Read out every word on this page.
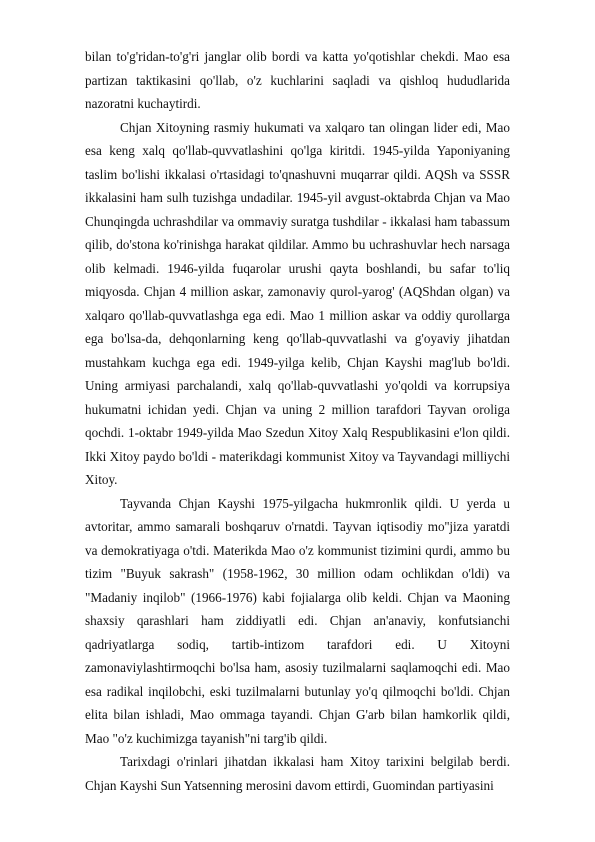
bilan to'g'ridan-to'g'ri janglar olib bordi va katta yo'qotishlar chekdi. Mao esa partizan taktikasini qo'llab, o'z kuchlarini saqladi va qishloq hududlarida nazoratni kuchaytirdi.

Chjan Xitoyning rasmiy hukumati va xalqaro tan olingan lider edi, Mao esa keng xalq qo'llab-quvvatlashini qo'lga kiritdi. 1945-yilda Yaponiyaning taslim bo'lishi ikkalasi o'rtasidagi to'qnashuvni muqarrar qildi. AQSh va SSSR ikkalasini ham sulh tuzishga undadilar. 1945-yil avgust-oktabrda Chjan va Mao Chunqingda uchrashdilar va ommaviy suratga tushdilar - ikkalasi ham tabassum qilib, do'stona ko'rinishga harakat qildilar. Ammo bu uchrashuvlar hech narsaga olib kelmadi. 1946-yilda fuqarolar urushi qayta boshlandi, bu safar to'liq miqyosda. Chjan 4 million askar, zamonaviy qurol-yarog' (AQShdan olgan) va xalqaro qo'llab-quvvatlashga ega edi. Mao 1 million askar va oddiy qurollarga ega bo'lsa-da, dehqonlarning keng qo'llab-quvvatlashi va g'oyaviy jihatdan mustahkam kuchga ega edi. 1949-yilga kelib, Chjan Kayshi mag'lub bo'ldi. Uning armiyasi parchalandi, xalq qo'llab-quvvatlashi yo'qoldi va korrupsiya hukumatni ichidan yedi. Chjan va uning 2 million tarafdori Tayvan oroliga qochdi. 1-oktabr 1949-yilda Mao Szedun Xitoy Xalq Respublikasini e'lon qildi. Ikki Xitoy paydo bo'ldi - materikdagi kommunist Xitoy va Tayvandagi milliychi Xitoy.

Tayvanda Chjan Kayshi 1975-yilgacha hukmronlik qildi. U yerda u avtoritar, ammo samarali boshqaruv o'rnatdi. Tayvan iqtisodiy mo''jiza yaratdi va demokratiyaga o'tdi. Materikda Mao o'z kommunist tizimini qurdi, ammo bu tizim "Buyuk sakrash" (1958-1962, 30 million odam ochlikdan o'ldi) va "Madaniy inqilob" (1966-1976) kabi fojialarga olib keldi. Chjan va Maoning shaxsiy qarashlari ham ziddiyatli edi. Chjan an'anaviy, konfutsianchi qadriyatlarga sodiq, tartib-intizom tarafdori edi. U Xitoyni zamonaviylashtirmoqchi bo'lsa ham, asosiy tuzilmalarni saqlamoqchi edi. Mao esa radikal inqilobchi, eski tuzilmalarni butunlay yo'q qilmoqchi bo'ldi. Chjan elita bilan ishladi, Mao ommaga tayandi. Chjan G'arb bilan hamkorlik qildi, Mao "o'z kuchimizga tayanish"ni targ'ib qildi.

Tarixdagi o'rinlari jihatdan ikkalasi ham Xitoy tarixini belgilab berdi. Chjan Kayshi Sun Yatsenning merosini davom ettirdi, Guomindan partiyasini
